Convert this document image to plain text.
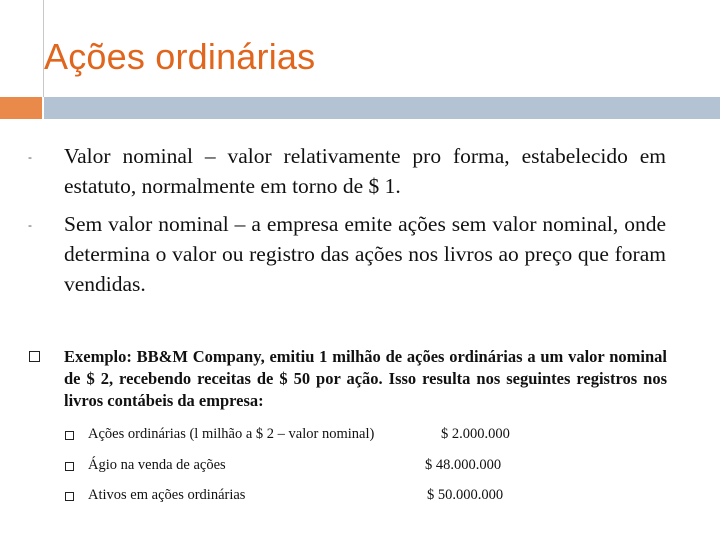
Ações ordinárias
- Valor nominal – valor relativamente pro forma, estabelecido em estatuto, normalmente em torno de $ 1.
- Sem valor nominal – a empresa emite ações sem valor nominal, onde determina o valor ou registro das ações nos livros ao preço que foram vendidas.
Exemplo: BB&M Company, emitiu 1 milhão de ações ordinárias a um valor nominal de $ 2, recebendo receitas de $ 50 por ação. Isso resulta nos seguintes registros nos livros contábeis da empresa:
Ações ordinárias (l milhão a $ 2 – valor nominal)	$ 2.000.000
Ágio na venda de ações	$ 48.000.000
Ativos em ações ordinárias	$ 50.000.000
